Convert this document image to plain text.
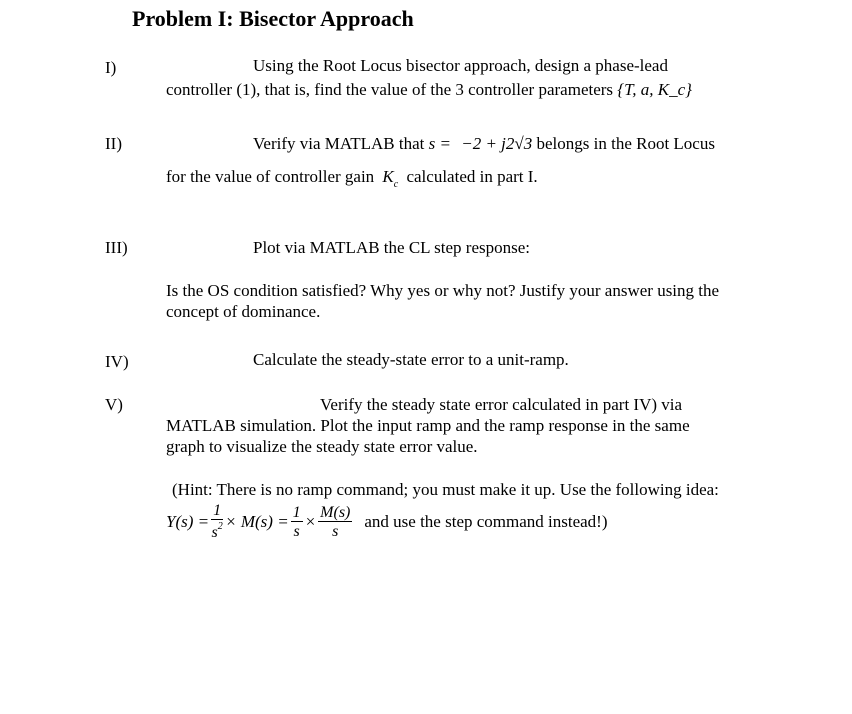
Problem I: Bisector Approach
I)	Using the Root Locus bisector approach, design a phase-lead
controller (1), that is, find the value of the 3 controller parameters {T, a, K_c}
II)	Verify via MATLAB that s = −2 + j2√3 belongs in the Root Locus
for the value of controller gain $K_c$ calculated in part I.
III)	Plot via MATLAB the CL step response:
Is the OS condition satisfied? Why yes or why not? Justify your answer using the
concept of dominance.
IV)	Calculate the steady-state error to a unit-ramp.
V)	Verify the steady state error calculated in part IV) via
MATLAB simulation. Plot the input ramp and the ramp response in the same
graph to visualize the steady state error value.
(Hint: There is no ramp command; you must make it up. Use the following idea:
$Y(s) = \frac{1}{s^2} \times M(s) = \frac{1}{s} \times \frac{M(s)}{s}$ and use the step command instead!)
